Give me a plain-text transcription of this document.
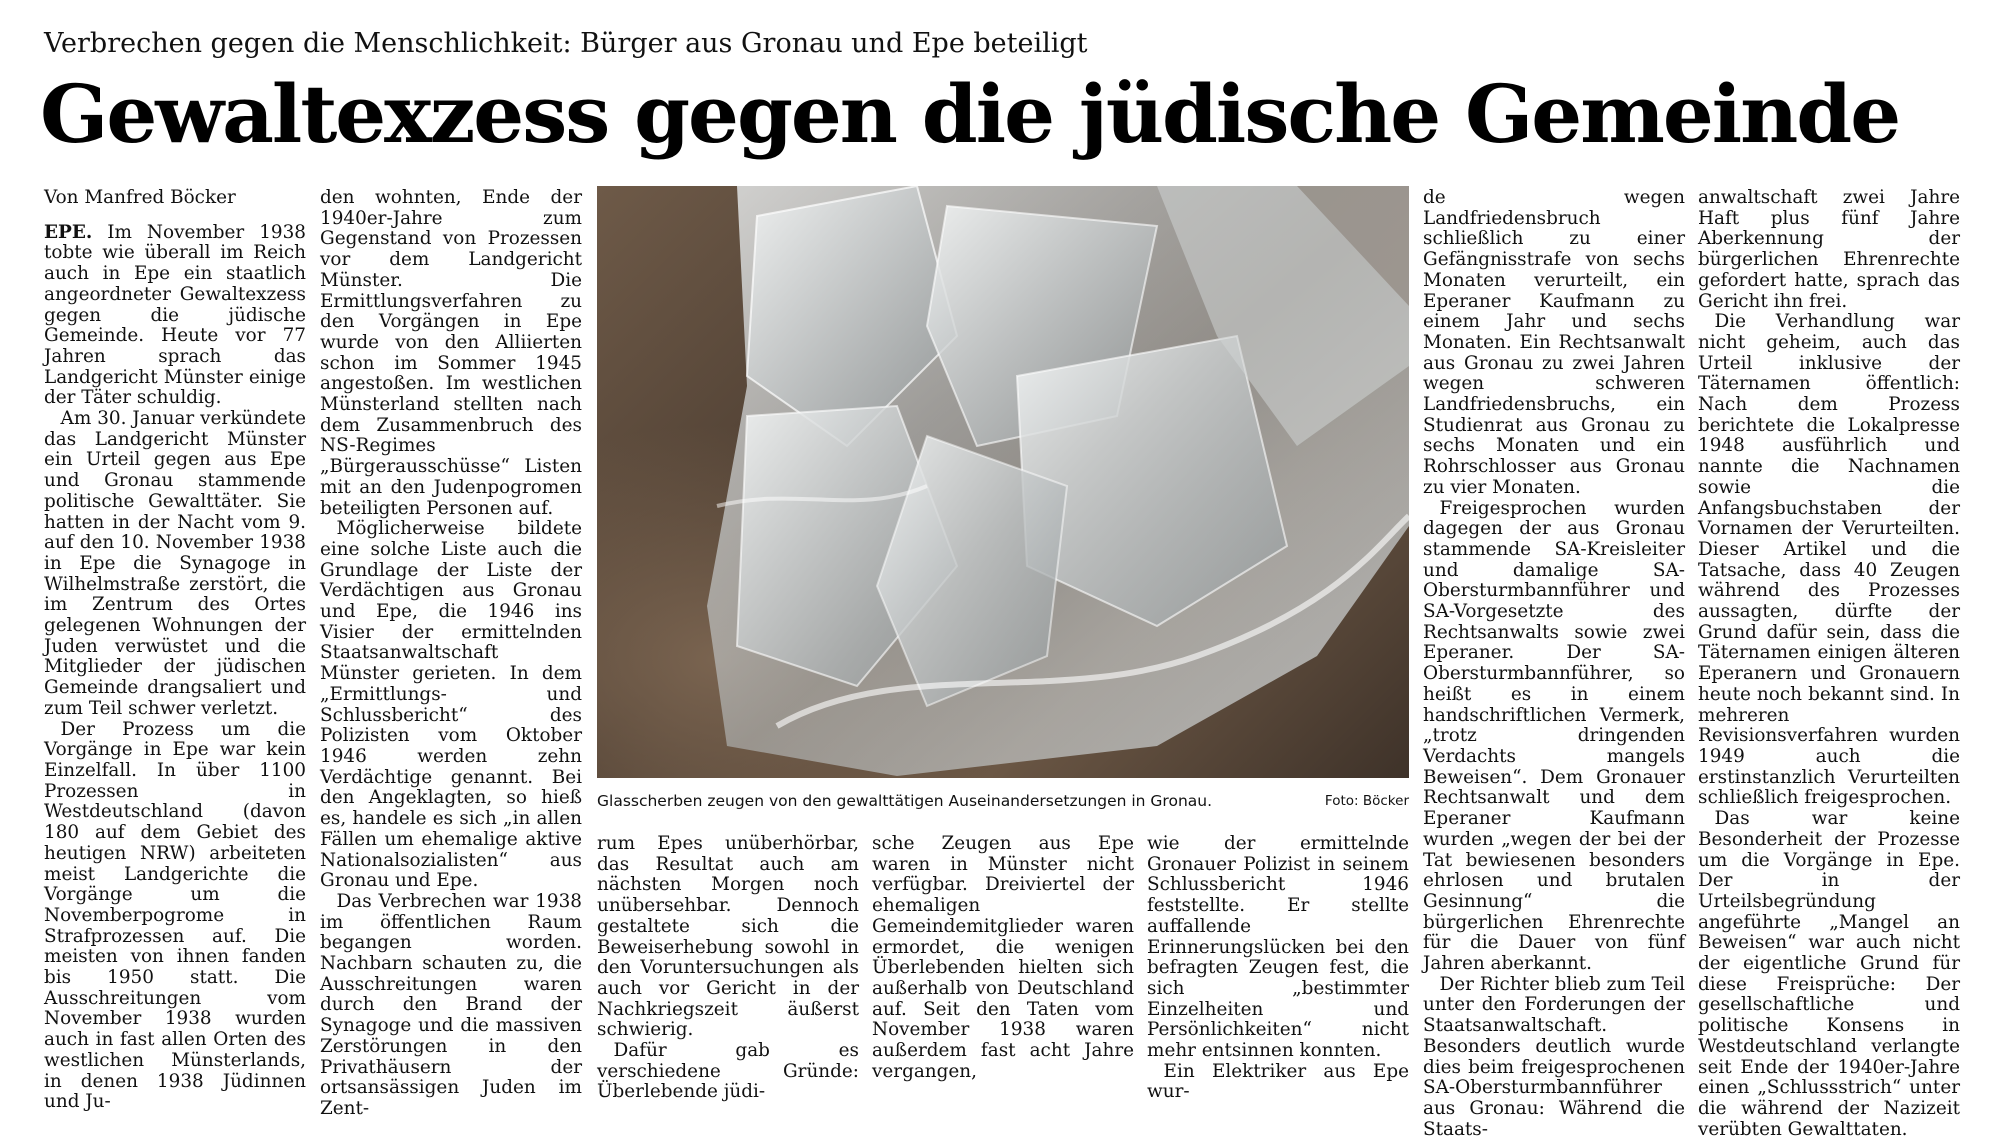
Verbrechen gegen die Menschlichkeit: Bürger aus Gronau und Epe beteiligt
Gewaltexzess gegen die jüdische Gemeinde
Von Manfred Böcker

EPE. Im November 1938 tobte wie überall im Reich auch in Epe ein staatlich angeordneter Gewaltexzess gegen die jüdische Gemeinde. Heute vor 77 Jahren sprach das Landgericht Münster einige der Täter schuldig.

Am 30. Januar verkündete das Landgericht Münster ein Urteil gegen aus Epe und Gronau stammende politische Gewalttäter. Sie hatten in der Nacht vom 9. auf den 10. November 1938 in Epe die Synagoge in Wilhelmstraße zerstört, die im Zentrum des Ortes gelegenen Wohnungen der Juden verwüstet und die Mitglieder der jüdischen Gemeinde drangsaliert und zum Teil schwer verletzt.

Der Prozess um die Vorgänge in Epe war kein Einzelfall. In über 1100 Prozessen in Westdeutschland (davon 180 auf dem Gebiet des heutigen NRW) arbeiteten meist Landgerichte die Vorgänge um die Novemberpogrome in Strafprozessen auf. Die meisten von ihnen fanden bis 1950 statt. Die Ausschreitungen vom November 1938 wurden auch in fast allen Orten des westlichen Münsterlands, in denen 1938 Jüdinnen und Ju-

den wohnten, Ende der 1940er-Jahre zum Gegenstand von Prozessen vor dem Landgericht Münster. Die Ermittlungsverfahren zu den Vorgängen in Epe wurde von den Alliierten schon im Sommer 1945 angestoßen. Im westlichen Münsterland stellten nach dem Zusammenbruch des NS-Regimes „Bürgerausschüsse“ Listen mit an den Judenpogromen beteiligten Personen auf.

Möglicherweise bildete eine solche Liste auch die Grundlage der Liste der Verdächtigen aus Gronau und Epe, die 1946 ins Visier der ermittelnden Staatsanwaltschaft Münster gerieten. In dem „Ermittlungs- und Schlussbericht“ des Polizisten vom Oktober 1946 werden zehn Verdächtige genannt. Bei den Angeklagten, so hieß es, handele es sich „in allen Fällen um ehemalige aktive Nationalsozialisten“ aus Gronau und Epe.

Das Verbrechen war 1938 im öffentlichen Raum begangen worden. Nachbarn schauten zu, die Ausschreitungen waren durch den Brand der Synagoge und die massiven Zerstörungen in den Privathäusern der ortsansässigen Juden im Zent-

Glasscherben zeugen von den gewalttätigen Auseinandersetzungen in Gronau.	Foto: Böcker

rum Epes unüberhörbar, das Resultat auch am nächsten Morgen noch unübersehbar. Dennoch gestaltete sich die Beweiserhebung sowohl in den Voruntersuchungen als auch vor Gericht in der Nachkriegszeit äußerst schwierig.

Dafür gab es verschiedene Gründe: Überlebende jüdi-

sche Zeugen aus Epe waren in Münster nicht verfügbar. Dreiviertel der ehemaligen Gemeindemitglieder waren ermordet, die wenigen Überlebenden hielten sich außerhalb von Deutschland auf. Seit den Taten vom November 1938 waren außerdem fast acht Jahre vergangen,

wie der ermittelnde Gronauer Polizist in seinem Schlussbericht 1946 feststellte. Er stellte auffallende Erinnerungslücken bei den befragten Zeugen fest, die sich „bestimmter Einzelheiten und Persönlichkeiten“ nicht mehr entsinnen konnten.

Ein Elektriker aus Epe wur-

de wegen Landfriedensbruch schließlich zu einer Gefängnisstrafe von sechs Monaten verurteilt, ein Eperaner Kaufmann zu einem Jahr und sechs Monaten. Ein Rechtsanwalt aus Gronau zu zwei Jahren wegen schweren Landfriedensbruchs, ein Studienrat aus Gronau zu sechs Monaten und ein Rohrschlosser aus Gronau zu vier Monaten.

Freigesprochen wurden dagegen der aus Gronau stammende SA-Kreisleiter und damalige SA-Obersturmbannführer und SA-Vorgesetzte des Rechtsanwalts sowie zwei Eperaner. Der SA-Obersturmbannführer, so heißt es in einem handschriftlichen Vermerk, „trotz dringenden Verdachts mangels Beweisen“. Dem Gronauer Rechtsanwalt und dem Eperaner Kaufmann wurden „wegen der bei der Tat bewiesenen besonders ehrlosen und brutalen Gesinnung“ die bürgerlichen Ehrenrechte für die Dauer von fünf Jahren aberkannt.

Der Richter blieb zum Teil unter den Forderungen der Staatsanwaltschaft. Besonders deutlich wurde dies beim freigesprochenen SA-Obersturmbannführer aus Gronau: Während die Staats-

anwaltschaft zwei Jahre Haft plus fünf Jahre Aberkennung der bürgerlichen Ehrenrechte gefordert hatte, sprach das Gericht ihn frei.

Die Verhandlung war nicht geheim, auch das Urteil inklusive der Täternamen öffentlich: Nach dem Prozess berichtete die Lokalpresse 1948 ausführlich und nannte die Nachnamen sowie die Anfangsbuchstaben der Vornamen der Verurteilten. Dieser Artikel und die Tatsache, dass 40 Zeugen während des Prozesses aussagten, dürfte der Grund dafür sein, dass die Täternamen einigen älteren Eperanern und Gronauern heute noch bekannt sind. In mehreren Revisionsverfahren wurden 1949 auch die erstinstanzlich Verurteilten schließlich freigesprochen.

Das war keine Besonderheit der Prozesse um die Vorgänge in Epe. Der in der Urteilsbegründung angeführte „Mangel an Beweisen“ war auch nicht der eigentliche Grund für diese Freisprüche: Der gesellschaftliche und politische Konsens in Westdeutschland verlangte seit Ende der 1940er-Jahre einen „Schlussstrich“ unter die während der Nazizeit verübten Gewalttaten.
